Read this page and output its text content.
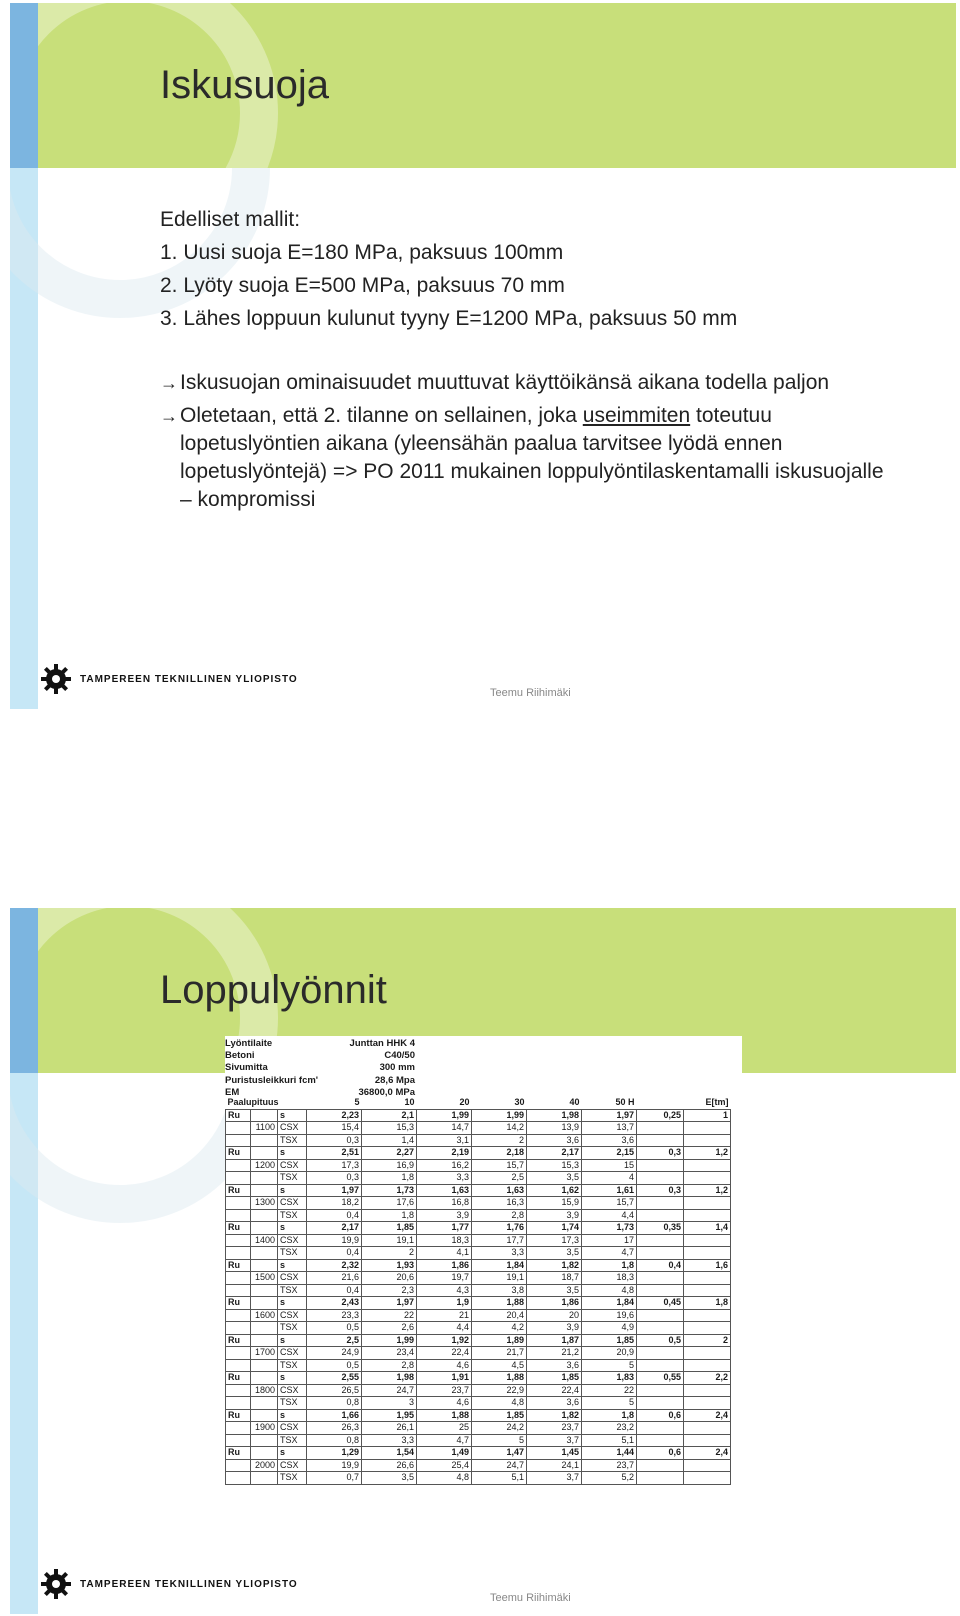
Iskusuoja

Edelliset mallit:

1. Uusi suoja E=180 MPa, paksuus 100mm

2. Lyöty suoja E=500 MPa, paksuus 70 mm

3. Lähes loppuun kulunut tyyny E=1200 MPa, paksuus 50 mm

→ Iskusuojan ominaisuudet muuttuvat käyttöikänsä aikana todella paljon
→ Oletetaan, että 2. tilanne on sellainen, joka useimmiten toteutuu lopetuslyöntien aikana (yleensähän paalua tarvitsee lyödä ennen lopetuslyöntejä) => PO 2011 mukainen loppulyöntilaskentamalli iskusuojalle – kompromissi
TAMPEREEN TEKNILLINEN YLIOPISTO
Teemu Riihimäki
Loppulyönnit
Lyöntilaite	Junttan HHK 4
Betoni	C40/50
Sivumitta	300 mm
Puristusleikkuri fcm'	28,6 Mpa
EM	36800,0 MPa
Paalupituus			5	10	20	30	40	50 H	E[tm]	
Ru		s	2,23	2,1	1,99	1,99	1,98	1,97	0,25	1
	1100	CSX	15,4	15,3	14,7	14,2	13,9	13,7		
		TSX	0,3	1,4	3,1	2	3,6	3,6		
Ru		s	2,51	2,27	2,19	2,18	2,17	2,15	0,3	1,2
	1200	CSX	17,3	16,9	16,2	15,7	15,3	15		
		TSX	0,3	1,8	3,3	2,5	3,5	4		
Ru		s	1,97	1,73	1,63	1,63	1,62	1,61	0,3	1,2
	1300	CSX	18,2	17,6	16,8	16,3	15,9	15,7		
		TSX	0,4	1,8	3,9	2,8	3,9	4,4		
Ru		s	2,17	1,85	1,77	1,76	1,74	1,73	0,35	1,4
	1400	CSX	19,9	19,1	18,3	17,7	17,3	17		
		TSX	0,4	2	4,1	3,3	3,5	4,7		
Ru		s	2,32	1,93	1,86	1,84	1,82	1,8	0,4	1,6
	1500	CSX	21,6	20,6	19,7	19,1	18,7	18,3		
		TSX	0,4	2,3	4,3	3,8	3,5	4,8		
Ru		s	2,43	1,97	1,9	1,88	1,86	1,84	0,45	1,8
	1600	CSX	23,3	22	21	20,4	20	19,6		
		TSX	0,5	2,6	4,4	4,2	3,9	4,9		
Ru		s	2,5	1,99	1,92	1,89	1,87	1,85	0,5	2
	1700	CSX	24,9	23,4	22,4	21,7	21,2	20,9		
		TSX	0,5	2,8	4,6	4,5	3,6	5		
Ru		s	2,55	1,98	1,91	1,88	1,85	1,83	0,55	2,2
	1800	CSX	26,5	24,7	23,7	22,9	22,4	22		
		TSX	0,8	3	4,6	4,8	3,6	5		
Ru		s	1,66	1,95	1,88	1,85	1,82	1,8	0,6	2,4
	1900	CSX	26,3	26,1	25	24,2	23,7	23,2		
		TSX	0,8	3,3	4,7	5	3,7	5,1		
Ru		s	1,29	1,54	1,49	1,47	1,45	1,44	0,6	2,4
	2000	CSX	19,9	26,6	25,4	24,7	24,1	23,7		
		TSX	0,7	3,5	4,8	5,1	3,7	5,2		
TAMPEREEN TEKNILLINEN YLIOPISTO
Teemu Riihimäki
